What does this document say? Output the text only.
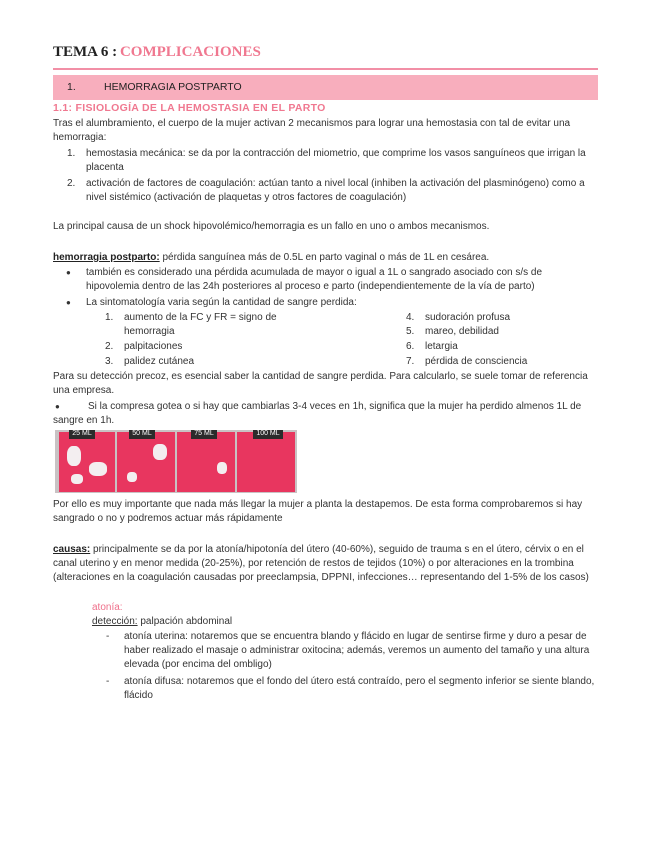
TEMA 6 : COMPLICACIONES
1.	HEMORRAGIA POSTPARTO
1.1: FISIOLOGÍA DE LA HEMOSTASIA EN EL PARTO
Tras el alumbramiento, el cuerpo de la mujer activan 2 mecanismos para lograr una hemostasia con tal de evitar una
hemorragia:
1. hemostasia mecánica: se da por la contracción del miometrio, que comprime los vasos sanguíneos que irrigan la
placenta
2. activación de factores de coagulación: actúan tanto a nivel local (inhiben la activación del plasminógeno) como a
nivel sistémico (activación de plaquetas y otros factores de coagulación)
La principal causa de un shock hipovolémico/hemorragia es un fallo en uno o ambos mecanismos.
hemorragia postparto: pérdida sanguínea más de 0.5L en parto vaginal o más de 1L en cesárea.
● también es considerado una pérdida acumulada de mayor o igual a 1L o sangrado asociado con s/s de
hipovolemia dentro de las 24h posteriores al proceso e parto (independientemente de la vía de parto)
● La sintomatología varia según la cantidad de sangre perdida:
1. aumento de la FC y FR = signo de
hemorragia
2. palpitaciones
3. palidez cutánea
4. sudoración profusa
5. mareo, debilidad
6. letargia
7. pérdida de consciencia
Para su detección precoz, es esencial saber la cantidad de sangre perdida. Para calcularlo, se suele tomar de referencia
una empresa.
●	Si la compresa gotea o si hay que cambiarlas 3-4 veces en 1h, significa que la mujer ha perdido almenos 1L de
sangre en 1h.
25 ML	50 ML	75 ML	100 ML
Por ello es muy importante que nada más llegar la mujer a planta la destapemos. De esta forma comprobaremos si hay
sangrado o no y podremos actuar más rápidamente
causas: principalmente se da por la atonía/hipotonía del útero (40-60%), seguido de trauma s en el útero, cérvix o en el
canal uterino y en menor medida (20-25%), por retención de restos de tejidos (10%) o por alteraciones en la trombina
(alteraciones en la coagulación causadas por preeclampsia, DPPNI, infecciones… representando del 1-5% de los casos)
atonía:
detección: palpación abdominal
- atonía uterina: notaremos que se encuentra blando y flácido en lugar de sentirse firme y duro a pesar de
haber realizado el masaje o administrar oxitocina; además, veremos un aumento del tamaño y una altura
elevada (por encima del ombligo)
- atonía difusa: notaremos que el fondo del útero está contraído, pero el segmento inferior se siente blando,
flácido
